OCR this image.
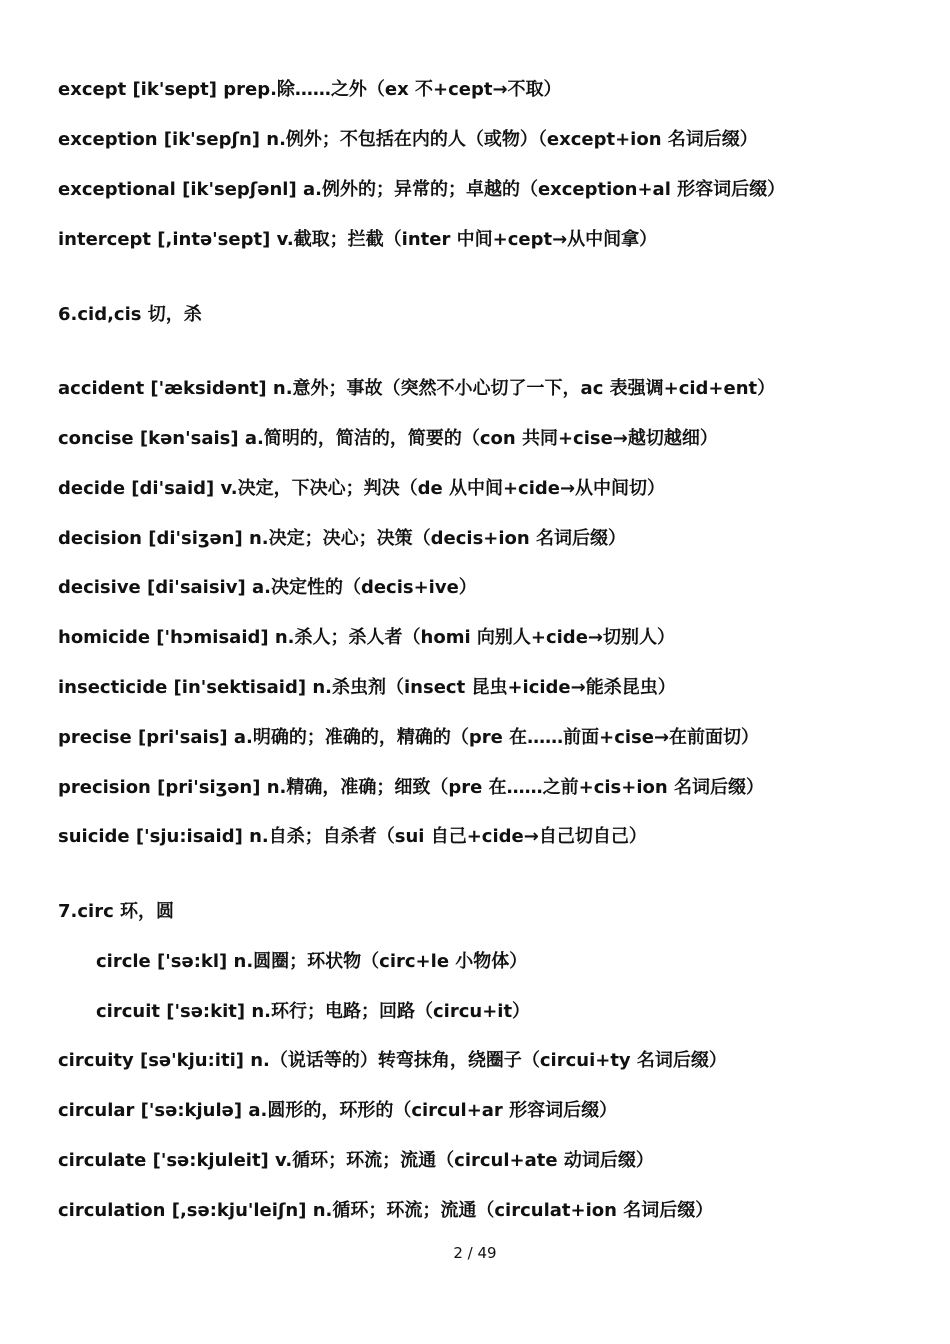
except [ik'sept] prep.除……之外（ex 不+cept→不取）
exception [ik'sepʃn] n.例外；不包括在内的人（或物）（except+ion 名词后缀）
exceptional [ik'sepʃənl] a.例外的；异常的；卓越的（exception+al 形容词后缀）
intercept [,intə'sept] v.截取；拦截（inter 中间+cept→从中间拿）
6.cid,cis 切，杀
accident ['æksidənt] n.意外；事故（突然不小心切了一下，ac 表强调+cid+ent）
concise [kən'sais] a.简明的，简洁的，简要的（con 共同+cise→越切越细）
decide [di'said] v.决定，下决心；判决（de 从中间+cide→从中间切）
decision [di'siʒən] n.决定；决心；决策（decis+ion 名词后缀）
decisive [di'saisiv] a.决定性的（decis+ive）
homicide ['hɔmisaid] n.杀人；杀人者（homi 向别人+cide→切别人）
insecticide [in'sektisaid] n.杀虫剂（insect 昆虫+icide→能杀昆虫）
precise [pri'sais] a.明确的；准确的，精确的（pre 在……前面+cise→在前面切）
precision [pri'siʒən] n.精确，准确；细致（pre 在……之前+cis+ion 名词后缀）
suicide ['sju:isaid] n.自杀；自杀者（sui 自己+cide→自己切自己）
7.circ 环，圆
circle ['sə:kl] n.圆圈；环状物（circ+le 小物体）
circuit ['sə:kit] n.环行；电路；回路（circu+it）
circuity [sə'kju:iti] n.（说话等的）转弯抹角，绕圈子（circui+ty 名词后缀）
circular ['sə:kjulə] a.圆形的，环形的（circul+ar 形容词后缀）
circulate ['sə:kjuleit] v.循环；环流；流通（circul+ate 动词后缀）
circulation [,sə:kju'leiʃn] n.循环；环流；流通（circulat+ion 名词后缀）
2 / 49
